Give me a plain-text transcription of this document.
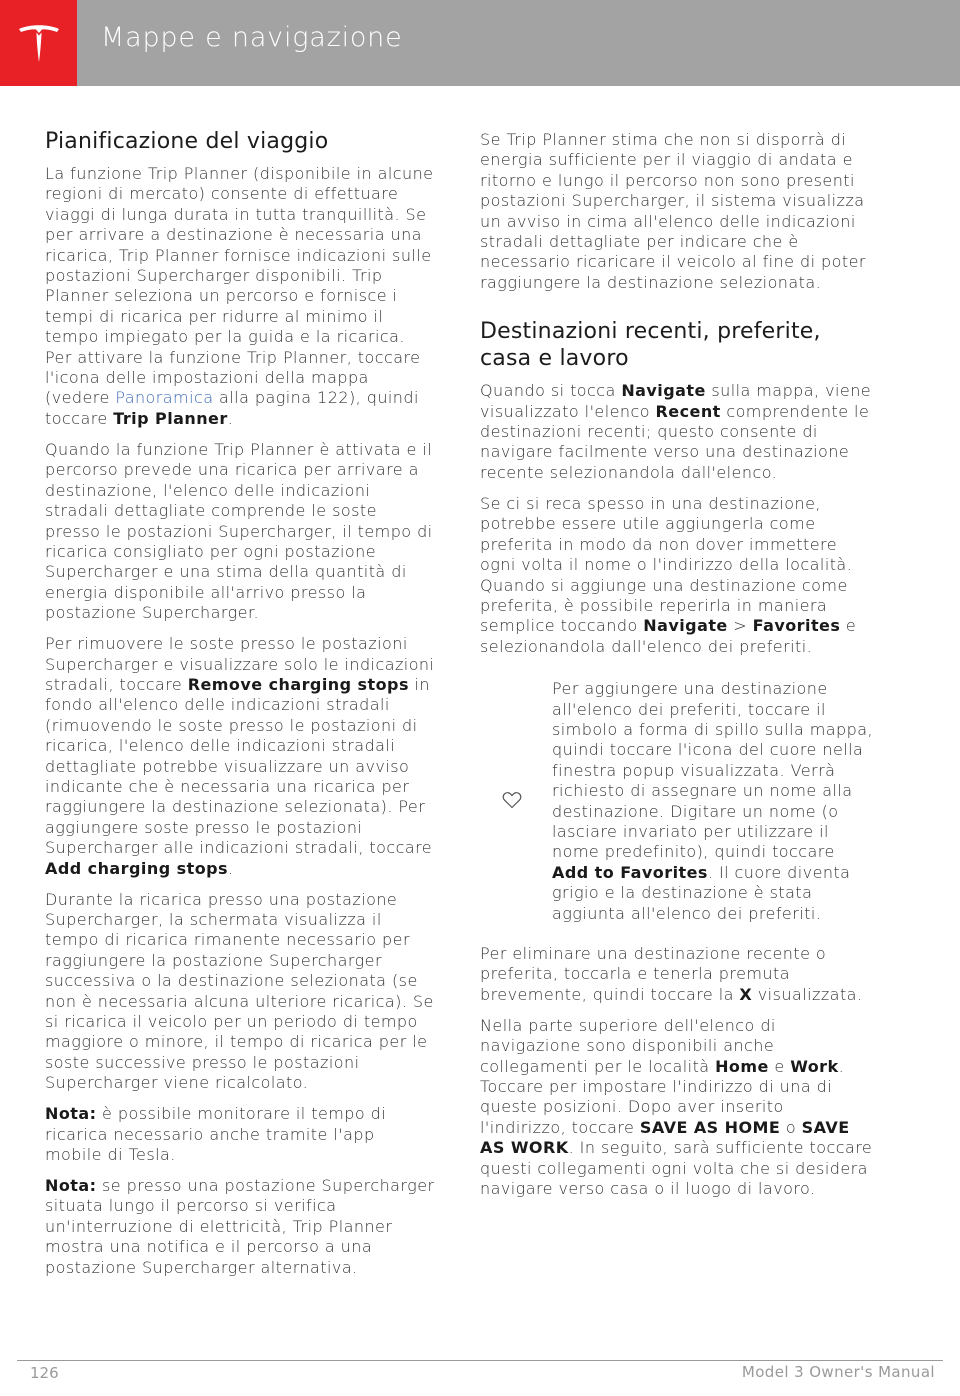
Mappe e navigazione
Pianificazione del viaggio

La funzione Trip Planner (disponibile in alcune regioni di mercato) consente di effettuare viaggi di lunga durata in tutta tranquillità. Se per arrivare a destinazione è necessaria una ricarica, Trip Planner fornisce indicazioni sulle postazioni Supercharger disponibili. Trip Planner seleziona un percorso e fornisce i tempi di ricarica per ridurre al minimo il tempo impiegato per la guida e la ricarica. Per attivare la funzione Trip Planner, toccare l'icona delle impostazioni della mappa (vedere Panoramica alla pagina 122), quindi toccare Trip Planner.

Quando la funzione Trip Planner è attivata e il percorso prevede una ricarica per arrivare a destinazione, l'elenco delle indicazioni stradali dettagliate comprende le soste presso le postazioni Supercharger, il tempo di ricarica consigliato per ogni postazione Supercharger e una stima della quantità di energia disponibile all'arrivo presso la postazione Supercharger.

Per rimuovere le soste presso le postazioni Supercharger e visualizzare solo le indicazioni stradali, toccare Remove charging stops in fondo all'elenco delle indicazioni stradali (rimuovendo le soste presso le postazioni di ricarica, l'elenco delle indicazioni stradali dettagliate potrebbe visualizzare un avviso indicante che è necessaria una ricarica per raggiungere la destinazione selezionata). Per aggiungere soste presso le postazioni Supercharger alle indicazioni stradali, toccare Add charging stops.

Durante la ricarica presso una postazione Supercharger, la schermata visualizza il tempo di ricarica rimanente necessario per raggiungere la postazione Supercharger successiva o la destinazione selezionata (se non è necessaria alcuna ulteriore ricarica). Se si ricarica il veicolo per un periodo di tempo maggiore o minore, il tempo di ricarica per le soste successive presso le postazioni Supercharger viene ricalcolato.

Nota: è possibile monitorare il tempo di ricarica necessario anche tramite l'app mobile di Tesla.

Nota: se presso una postazione Supercharger situata lungo il percorso si verifica un'interruzione di elettricità, Trip Planner mostra una notifica e il percorso a una postazione Supercharger alternativa.

Se Trip Planner stima che non si disporrà di energia sufficiente per il viaggio di andata e ritorno e lungo il percorso non sono presenti postazioni Supercharger, il sistema visualizza un avviso in cima all'elenco delle indicazioni stradali dettagliate per indicare che è necessario ricaricare il veicolo al fine di poter raggiungere la destinazione selezionata.

Destinazioni recenti, preferite, casa e lavoro

Quando si tocca Navigate sulla mappa, viene visualizzato l'elenco Recent comprendente le destinazioni recenti; questo consente di navigare facilmente verso una destinazione recente selezionandola dall'elenco.

Se ci si reca spesso in una destinazione, potrebbe essere utile aggiungerla come preferita in modo da non dover immettere ogni volta il nome o l'indirizzo della località. Quando si aggiunge una destinazione come preferita, è possibile reperirla in maniera semplice toccando Navigate > Favorites e selezionandola dall'elenco dei preferiti.

Per aggiungere una destinazione all'elenco dei preferiti, toccare il simbolo a forma di spillo sulla mappa, quindi toccare l'icona del cuore nella finestra popup visualizzata. Verrà richiesto di assegnare un nome alla destinazione. Digitare un nome (o lasciare invariato per utilizzare il nome predefinito), quindi toccare Add to Favorites. Il cuore diventa grigio e la destinazione è stata aggiunta all'elenco dei preferiti.

Per eliminare una destinazione recente o preferita, toccarla e tenerla premuta brevemente, quindi toccare la X visualizzata.

Nella parte superiore dell'elenco di navigazione sono disponibili anche collegamenti per le località Home e Work. Toccare per impostare l'indirizzo di una di queste posizioni. Dopo aver inserito l'indirizzo, toccare SAVE AS HOME o SAVE AS WORK. In seguito, sarà sufficiente toccare questi collegamenti ogni volta che si desidera navigare verso casa o il luogo di lavoro.

126	Model 3 Owner's Manual
